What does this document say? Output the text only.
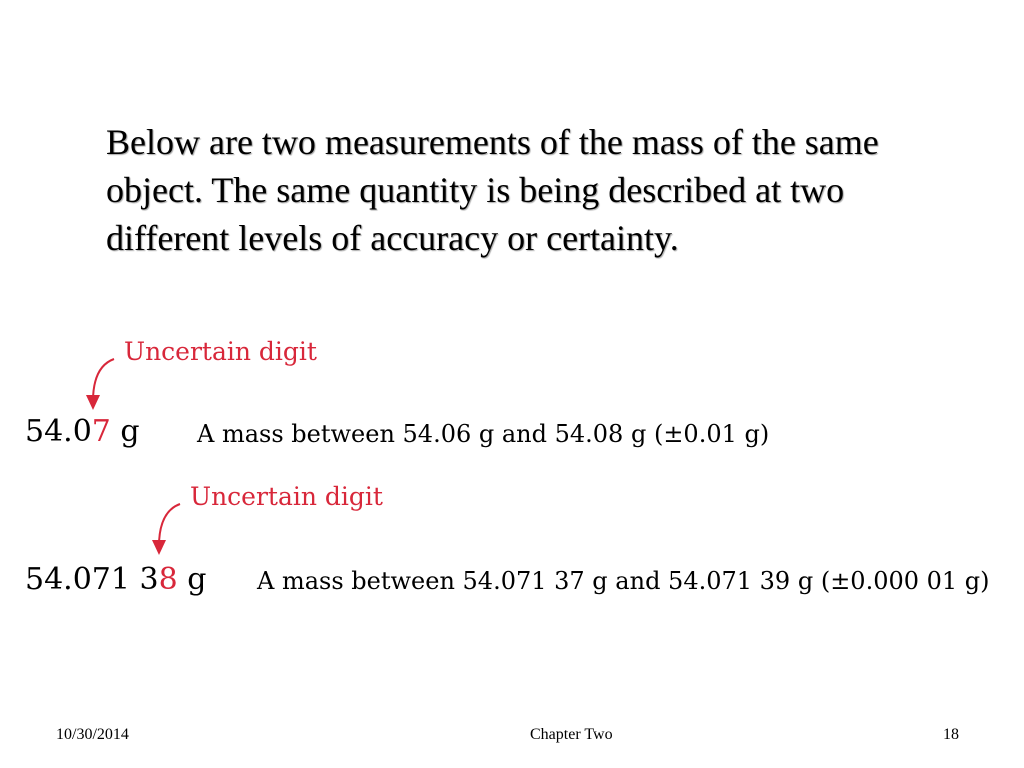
Below are two measurements of the mass of the same object. The same quantity is being described at two different levels of accuracy or certainty.

Uncertain digit
54.07 g A mass between 54.06 g and 54.08 g (±0.01 g)
Uncertain digit
54.071 38 g A mass between 54.071 37 g and 54.071 39 g (±0.000 01 g)
10/30/2014	Chapter Two	18
